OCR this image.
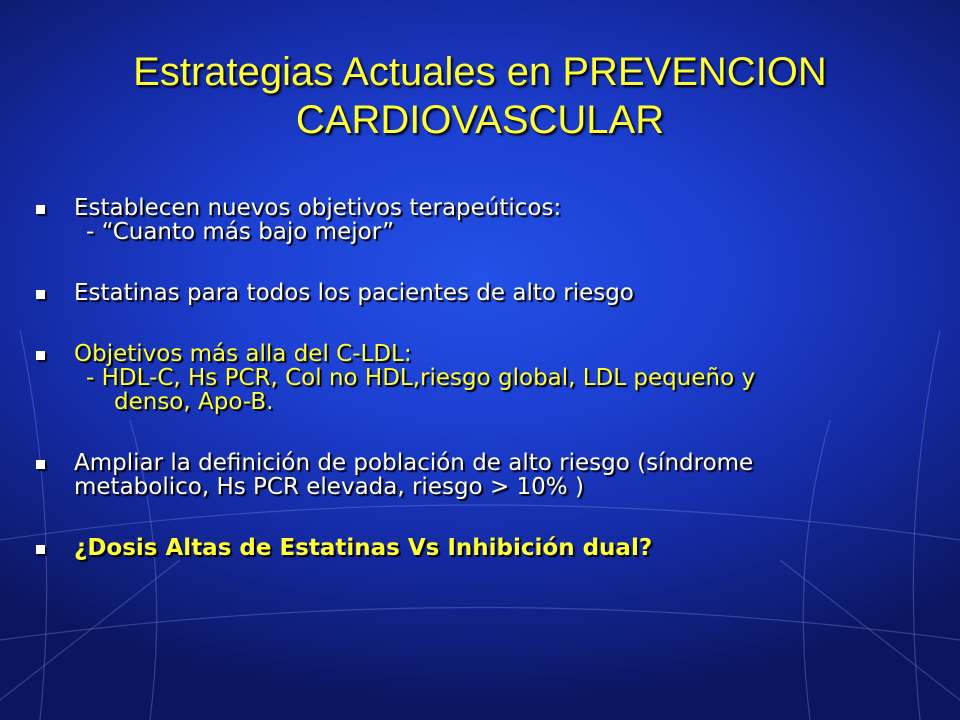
Estrategias Actuales en PREVENCION
CARDIOVASCULAR
Establecen nuevos objetivos terapeúticos:
- “Cuanto más bajo mejor”
Estatinas para todos los pacientes de alto riesgo
Objetivos más alla del C-LDL:
- HDL-C, Hs PCR, Col no HDL,riesgo global, LDL pequeño y
denso, Apo-B.
Ampliar la definición de población de alto riesgo (síndrome
metabolico, Hs PCR elevada, riesgo > 10% )
¿Dosis Altas de Estatinas Vs Inhibición dual?
